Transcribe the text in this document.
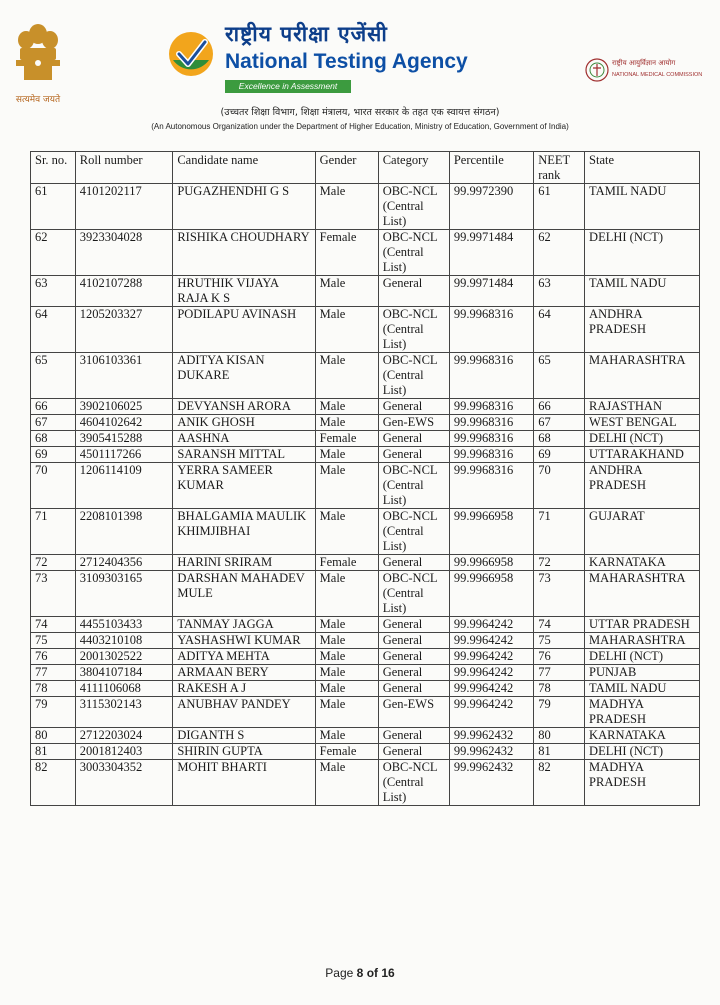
सत्यमेव जयते
राष्ट्रीय परीक्षा एजेंसी
National Testing Agency
Excellence in Assessment
राष्ट्रीय आयुर्विज्ञान आयोग
NATIONAL MEDICAL COMMISSION
(उच्चतर शिक्षा विभाग, शिक्षा मंत्रालय, भारत सरकार के तहत एक स्वायत्त संगठन)
(An Autonomous Organization under the Department of Higher Education, Ministry of Education, Government of India)
Sr. no.	Roll number	Candidate name	Gender	Category	Percentile	NEET rank	State
61	4101202117	PUGAZHENDHI G S	Male	OBC-NCL (Central List)	99.9972390	61	TAMIL NADU
62	3923304028	RISHIKA CHOUDHARY	Female	OBC-NCL (Central List)	99.9971484	62	DELHI (NCT)
63	4102107288	HRUTHIK VIJAYA RAJA K S	Male	General	99.9971484	63	TAMIL NADU
64	1205203327	PODILAPU AVINASH	Male	OBC-NCL (Central List)	99.9968316	64	ANDHRA PRADESH
65	3106103361	ADITYA KISAN DUKARE	Male	OBC-NCL (Central List)	99.9968316	65	MAHARASHTRA
66	3902106025	DEVYANSH ARORA	Male	General	99.9968316	66	RAJASTHAN
67	4604102642	ANIK GHOSH	Male	Gen-EWS	99.9968316	67	WEST BENGAL
68	3905415288	AASHNA	Female	General	99.9968316	68	DELHI (NCT)
69	4501117266	SARANSH MITTAL	Male	General	99.9968316	69	UTTARAKHAND
70	1206114109	YERRA SAMEER KUMAR	Male	OBC-NCL (Central List)	99.9968316	70	ANDHRA PRADESH
71	2208101398	BHALGAMIA MAULIK KHIMJIBHAI	Male	OBC-NCL (Central List)	99.9966958	71	GUJARAT
72	2712404356	HARINI SRIRAM	Female	General	99.9966958	72	KARNATAKA
73	3109303165	DARSHAN MAHADEV MULE	Male	OBC-NCL (Central List)	99.9966958	73	MAHARASHTRA
74	4455103433	TANMAY JAGGA	Male	General	99.9964242	74	UTTAR PRADESH
75	4403210108	YASHASHWI KUMAR	Male	General	99.9964242	75	MAHARASHTRA
76	2001302522	ADITYA MEHTA	Male	General	99.9964242	76	DELHI (NCT)
77	3804107184	ARMAAN BERY	Male	General	99.9964242	77	PUNJAB
78	4111106068	RAKESH A J	Male	General	99.9964242	78	TAMIL NADU
79	3115302143	ANUBHAV PANDEY	Male	Gen-EWS	99.9964242	79	MADHYA PRADESH
80	2712203024	DIGANTH S	Male	General	99.9962432	80	KARNATAKA
81	2001812403	SHIRIN GUPTA	Female	General	99.9962432	81	DELHI (NCT)
82	3003304352	MOHIT BHARTI	Male	OBC-NCL (Central List)	99.9962432	82	MADHYA PRADESH
Page 8 of 16
